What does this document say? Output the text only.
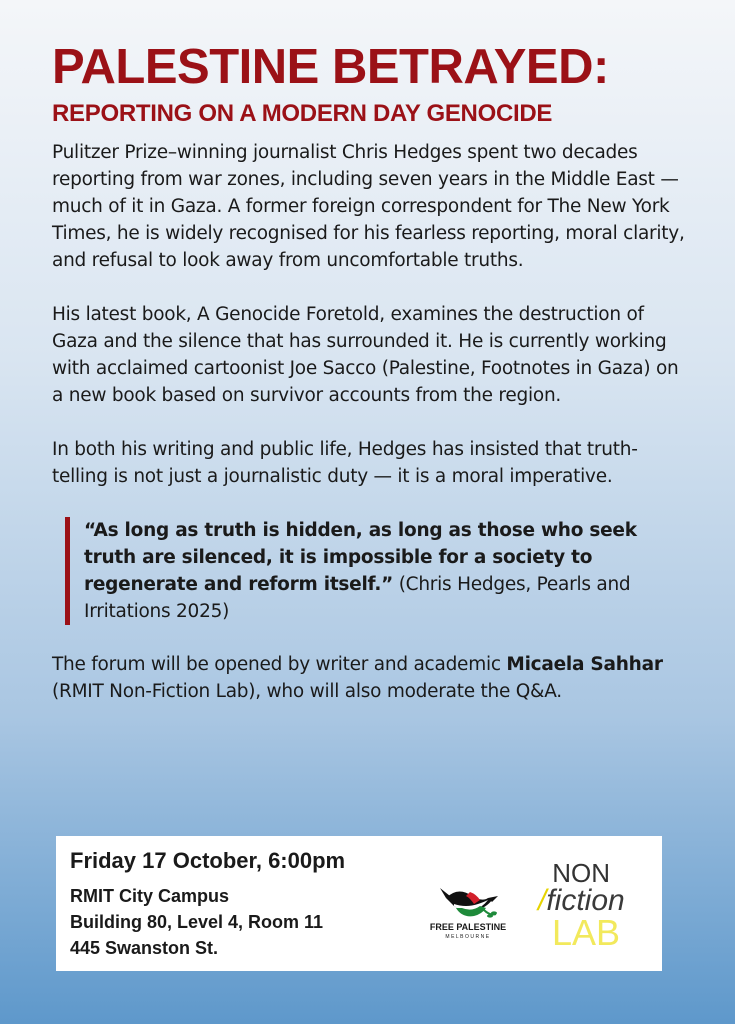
PALESTINE BETRAYED:
REPORTING ON A MODERN DAY GENOCIDE

Pulitzer Prize–winning journalist Chris Hedges spent two decades reporting from war zones, including seven years in the Middle East — much of it in Gaza. A former foreign correspondent for The New York Times, he is widely recognised for his fearless reporting, moral clarity, and refusal to look away from uncomfortable truths.

His latest book, A Genocide Foretold, examines the destruction of Gaza and the silence that has surrounded it. He is currently working with acclaimed cartoonist Joe Sacco (Palestine, Footnotes in Gaza) on a new book based on survivor accounts from the region.

In both his writing and public life, Hedges has insisted that truth-telling is not just a journalistic duty — it is a moral imperative.

“As long as truth is hidden, as long as those who seek truth are silenced, it is impossible for a society to regenerate and reform itself.” (Chris Hedges, Pearls and Irritations 2025)

The forum will be opened by writer and academic Micaela Sahhar (RMIT Non-Fiction Lab), who will also moderate the Q&A.

Friday 17 October, 6:00pm
RMIT City Campus
Building 80, Level 4, Room 11
445 Swanston St.
FREE PALESTINE
MELBOURNE
NON
/fiction
LAB
